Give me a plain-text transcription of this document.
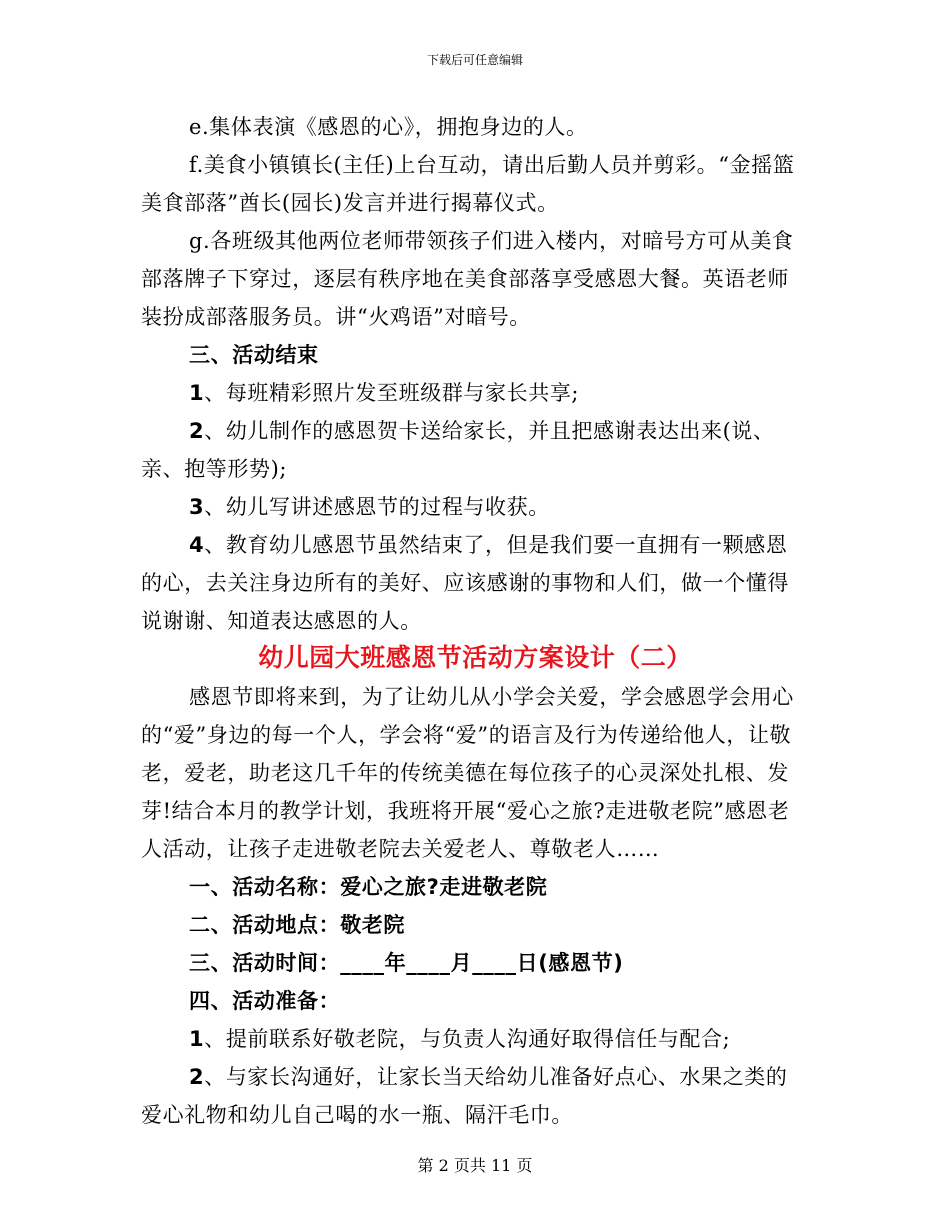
下载后可任意编辑

e.集体表演《感恩的心》，拥抱身边的人。

f.美食小镇镇长(主任)上台互动，请出后勤人员并剪彩。“金摇篮美食部落”酋长(园长)发言并进行揭幕仪式。

g.各班级其他两位老师带领孩子们进入楼内，对暗号方可从美食部落牌子下穿过，逐层有秩序地在美食部落享受感恩大餐。英语老师装扮成部落服务员。讲“火鸡语”对暗号。

三、活动结束

1、每班精彩照片发至班级群与家长共享;

2、幼儿制作的感恩贺卡送给家长，并且把感谢表达出来(说、亲、抱等形势);

3、幼儿写讲述感恩节的过程与收获。

4、教育幼儿感恩节虽然结束了，但是我们要一直拥有一颗感恩的心，去关注身边所有的美好、应该感谢的事物和人们，做一个懂得说谢谢、知道表达感恩的人。

幼儿园大班感恩节活动方案设计（二）

感恩节即将来到，为了让幼儿从小学会关爱，学会感恩学会用心的“爱”身边的每一个人，学会将“爱”的语言及行为传递给他人，让敬老，爱老，助老这几千年的传统美德在每位孩子的心灵深处扎根、发芽!结合本月的教学计划，我班将开展“爱心之旅?走进敬老院”感恩老人活动，让孩子走进敬老院去关爱老人、尊敬老人……

一、活动名称：爱心之旅?走进敬老院

二、活动地点：敬老院

三、活动时间：____年____月____日(感恩节)

四、活动准备：

1、提前联系好敬老院，与负责人沟通好取得信任与配合;

2、与家长沟通好，让家长当天给幼儿准备好点心、水果之类的爱心礼物和幼儿自己喝的水一瓶、隔汗毛巾。

第 2 页共 11 页
